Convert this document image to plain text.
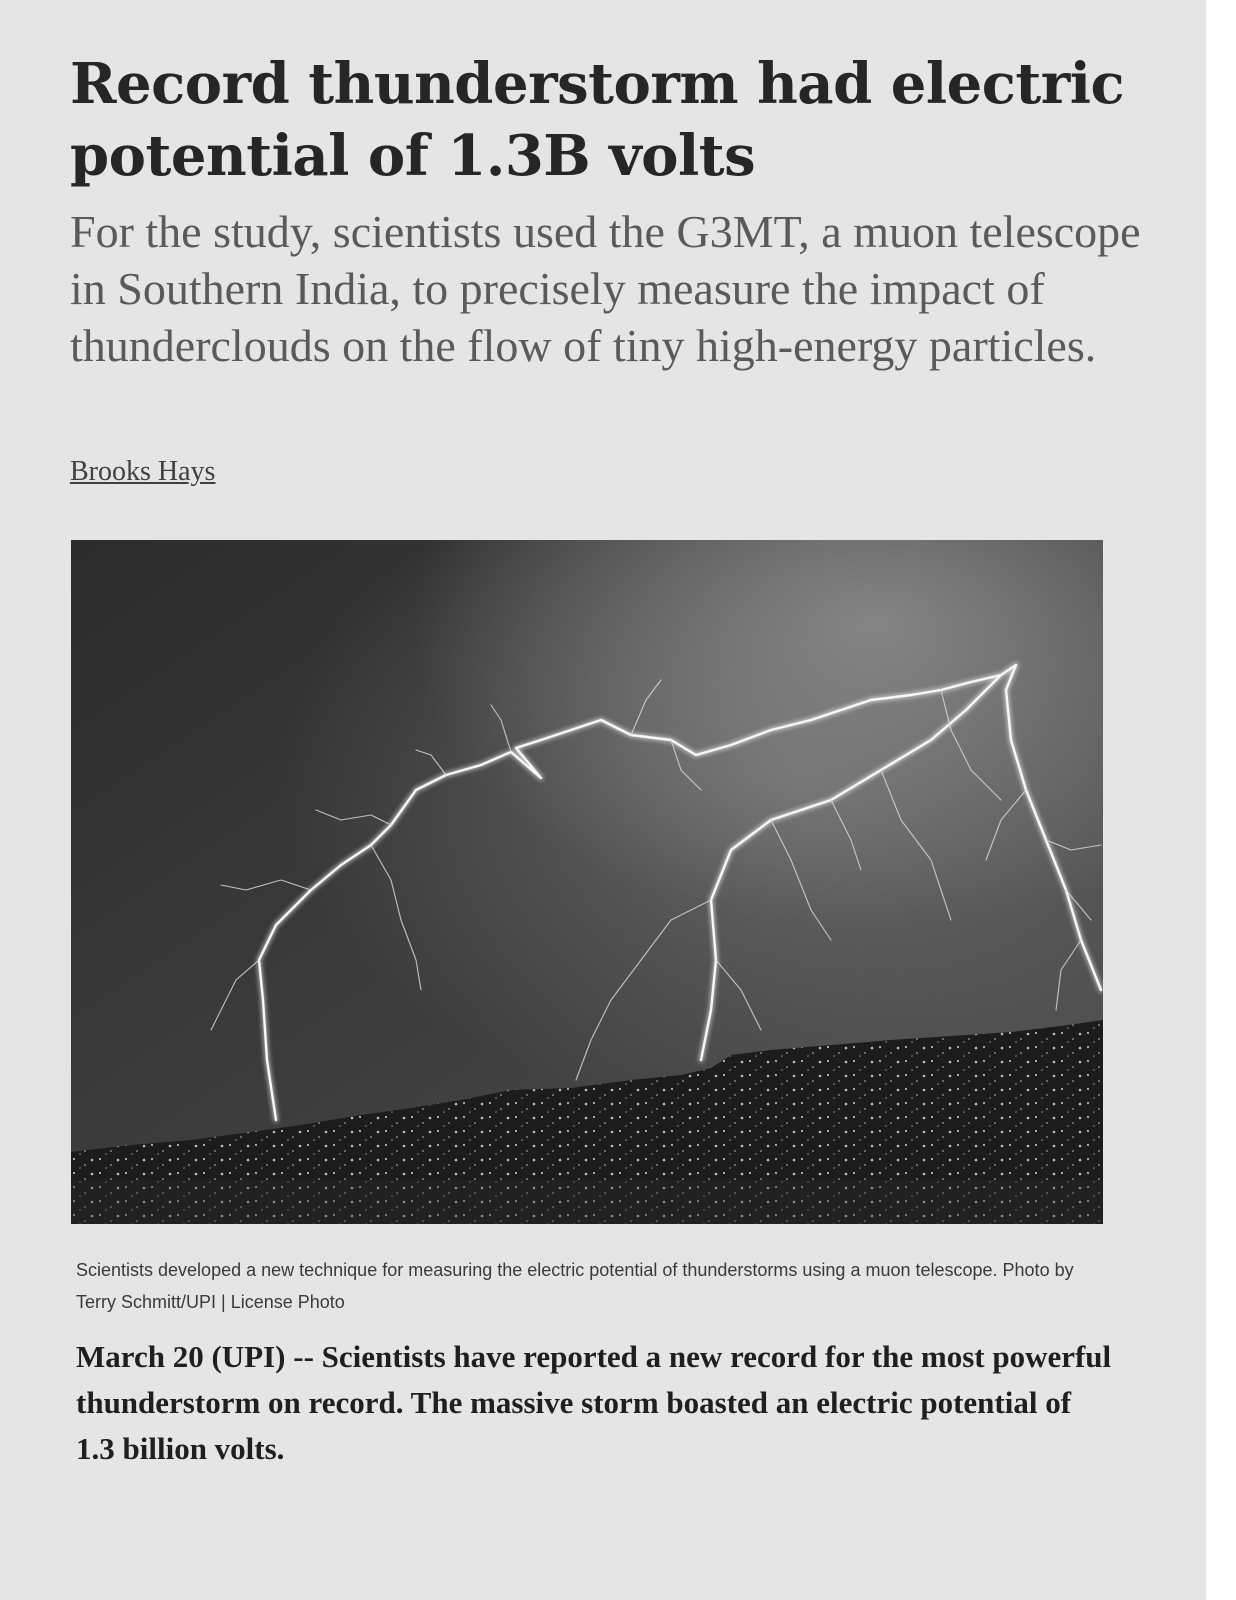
Record thunderstorm had electric potential of 1.3B volts

For the study, scientists used the G3MT, a muon telescope in Southern India, to precisely measure the impact of thunderclouds on the flow of tiny high-energy particles.

Brooks Hays

Scientists developed a new technique for measuring the electric potential of thunderstorms using a muon telescope. Photo by Terry Schmitt/UPI | License Photo

March 20 (UPI) -- Scientists have reported a new record for the most powerful thunderstorm on record. The massive storm boasted an electric potential of 1.3 billion volts.
